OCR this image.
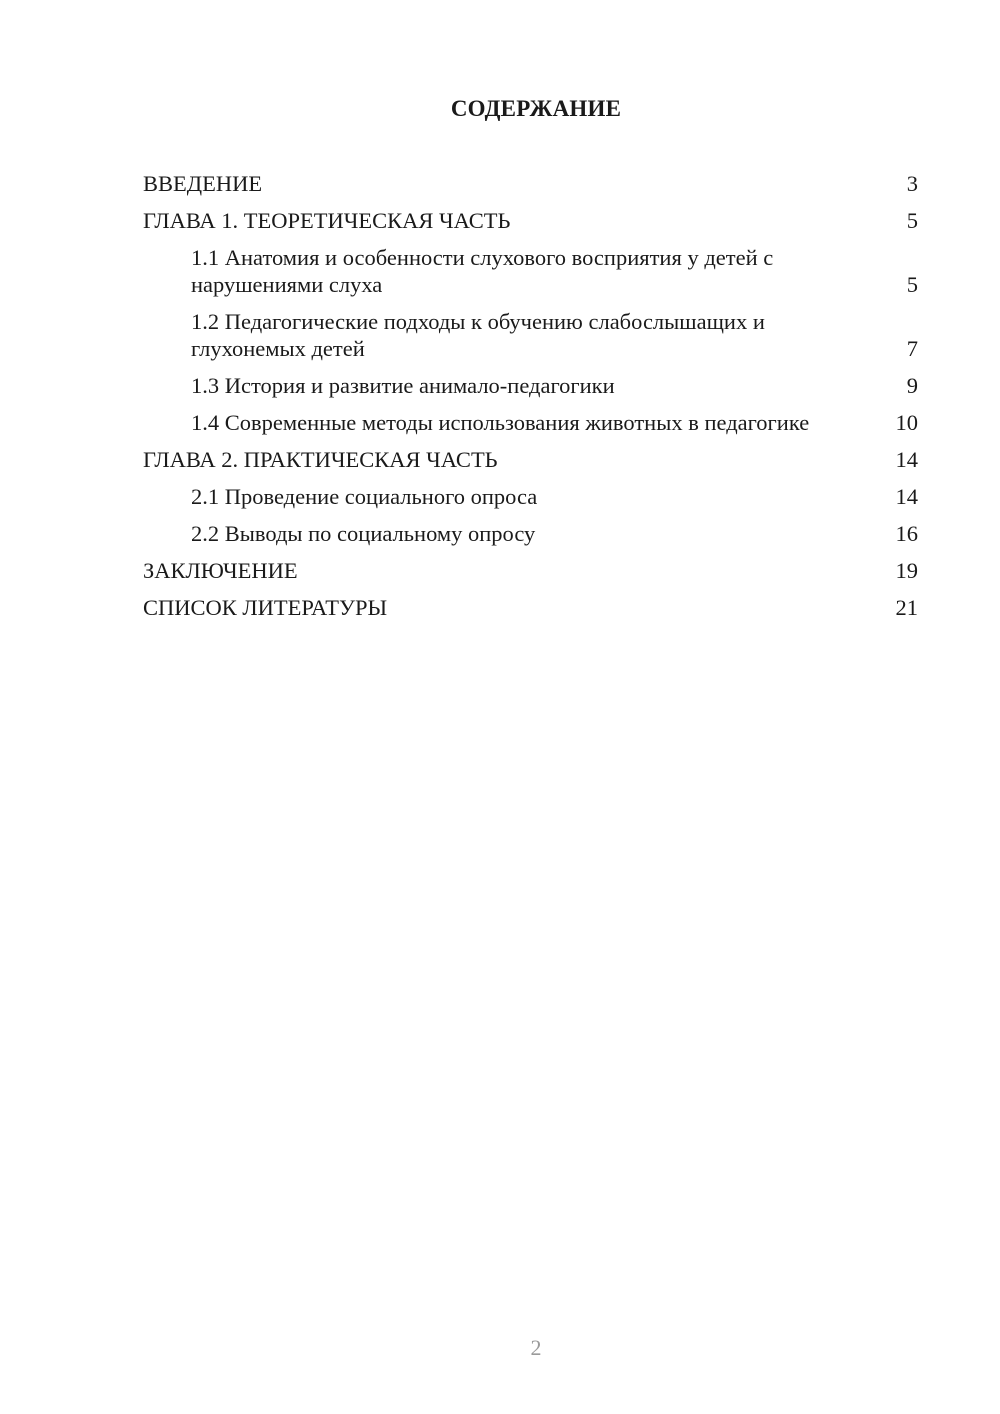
СОДЕРЖАНИЕ
ВВЕДЕНИЕ	3
ГЛАВА 1. ТЕОРЕТИЧЕСКАЯ ЧАСТЬ	5
1.1 Анатомия и особенности слухового восприятия у детей с нарушениями слуха	5
1.2 Педагогические подходы к обучению слабослышащих и глухонемых детей	7
1.3 История и развитие анимало-педагогики	9
1.4 Современные методы использования животных в педагогике	10
ГЛАВА 2. ПРАКТИЧЕСКАЯ ЧАСТЬ	14
2.1 Проведение социального опроса	14
2.2 Выводы по социальному опросу	16
ЗАКЛЮЧЕНИЕ	19
СПИСОК ЛИТЕРАТУРЫ	21
2
